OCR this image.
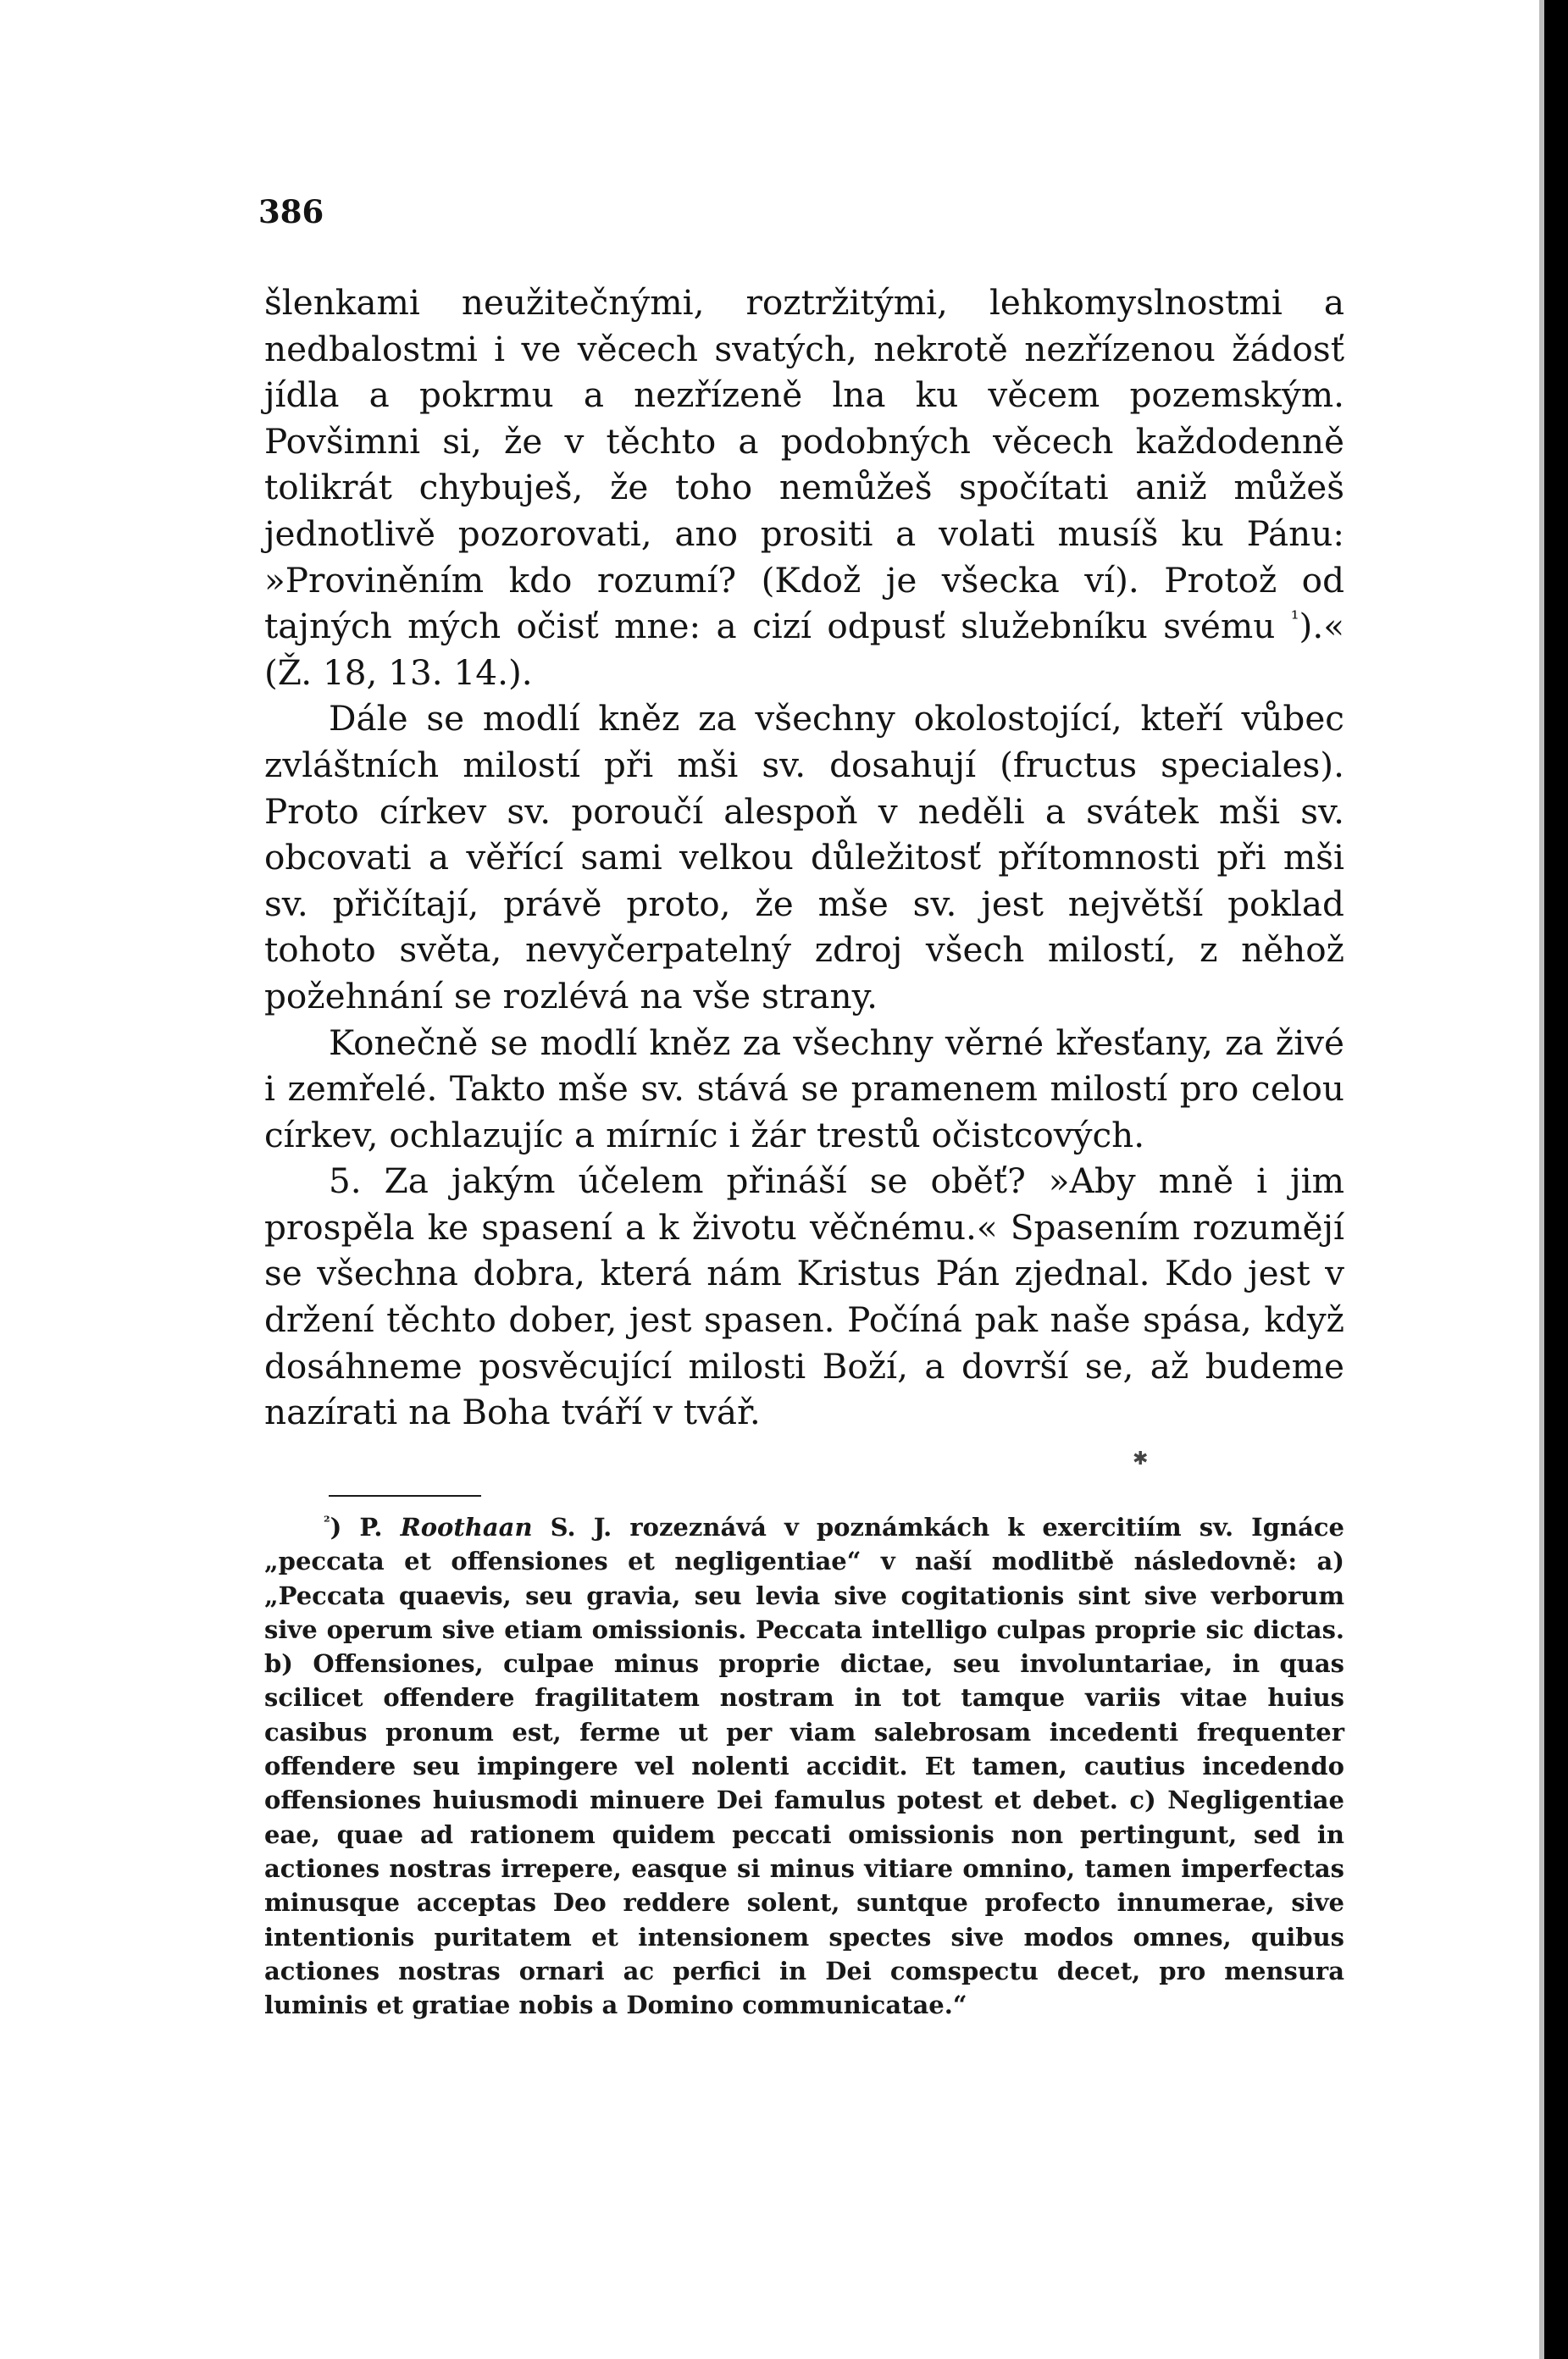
386

šlenkami neužitečnými, roztržitými, lehkomyslnostmi a nedbalostmi i ve věcech svatých, nekrotě nezřízenou žádosť jídla a pokrmu a nezřízeně lna ku věcem pozemským. Povšimni si, že v těchto a podobných věcech každodenně tolikrát chybuješ, že toho nemůžeš spočítati aniž můžeš jednotlivě pozorovati, ano prositi a volati musíš ku Pánu: »Proviněním kdo rozumí? (Kdož je všecka ví). Protož od tajných mých očisť mne: a cizí odpusť služebníku svému $^{^1}$).« (Ž. 18, 13. 14.).

Dále se modlí kněz za všechny okolostojící, kteří vůbec zvláštních milostí při mši sv. dosahují (fructus speciales). Proto církev sv. poroučí alespoň v neděli a svátek mši sv. obcovati a věřící sami velkou důležitosť přítomnosti při mši sv. přičítají, právě proto, že mše sv. jest největší poklad tohoto světa, nevyčerpatelný zdroj všech milostí, z něhož požehnání se rozlévá na vše strany.

Konečně se modlí kněz za všechny věrné křesťany, za živé i zemřelé. Takto mše sv. stává se pramenem milostí pro celou církev, ochlazujíc a mírníc i žár trestů očistcových.

5. Za jakým účelem přináší se oběť? »Aby mně i jim prospěla ke spasení a k životu věčnému.« Spasením rozumějí se všechna dobra, která nám Kristus Pán zjednal. Kdo jest v držení těchto dober, jest spasen. Počíná pak naše spása, když dosáhneme posvěcující milosti Boží, a dovrší se, až budeme nazírati na Boha tváří v tvář.

✱

$^{^2}$) P. Roothaan S. J. rozeznává v poznámkách k exercitiím sv. Ignáce „peccata et offensiones et negligentiae“ v naší modlitbě následovně: a) „Peccata quaevis, seu gravia, seu levia sive cogitationis sint sive verborum sive operum sive etiam omissionis. Peccata intelligo culpas proprie sic dictas. b) Offensiones, culpae minus proprie dictae, seu involuntariae, in quas scilicet offendere fragilitatem nostram in tot tamque variis vitae huius casibus pronum est, ferme ut per viam salebrosam incedenti frequenter offendere seu impingere vel nolenti accidit. Et tamen, cautius incedendo offensiones huiusmodi minuere Dei famulus potest et debet. c) Negligentiae eae, quae ad rationem quidem peccati omissionis non pertingunt, sed in actiones nostras irrepere, easque si minus vitiare omnino, tamen imperfectas minusque acceptas Deo reddere solent, suntque profecto innumerae, sive intentionis puritatem et intensionem spectes sive modos omnes, quibus actiones nostras ornari ac perfici in Dei comspectu decet, pro mensura luminis et gratiae nobis a Domino communicatae.“
